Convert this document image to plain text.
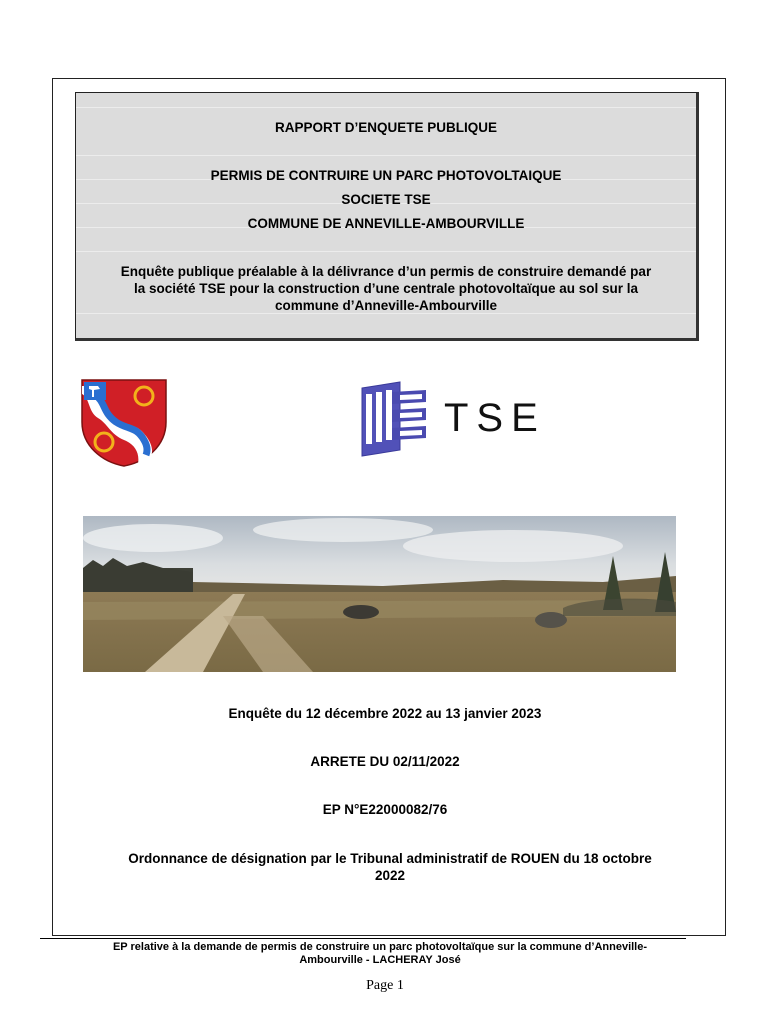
RAPPORT D’ENQUETE PUBLIQUE
PERMIS DE CONTRUIRE UN PARC PHOTOVOLTAIQUE
SOCIETE TSE
COMMUNE DE ANNEVILLE-AMBOURVILLE
Enquête publique préalable à la délivrance d’un permis de construire demandé par
la société TSE pour la construction d’une centrale photovoltaïque au sol sur la
commune d’Anneville-Ambourville
TSE
Enquête du 12 décembre 2022 au 13 janvier 2023
ARRETE DU 02/11/2022
EP N°E22000082/76
Ordonnance de désignation par le Tribunal administratif de ROUEN du 18 octobre
2022
EP relative à la demande de permis de construire un parc photovoltaïque sur la commune d’Anneville-
Ambourville - LACHERAY José
Page 1
